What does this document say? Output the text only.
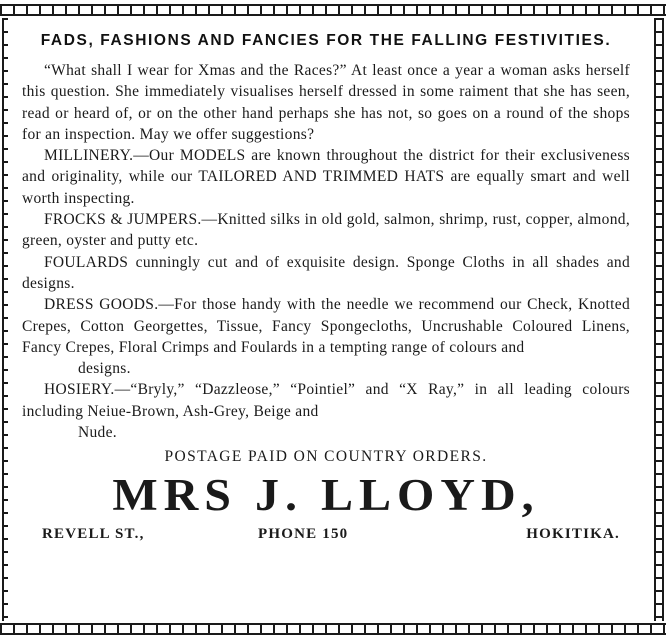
FADS, FASHIONS AND FANCIES FOR THE FALLING FESTIVITIES.

“What shall I wear for Xmas and the Races?” At least once a year a woman asks herself this question. She immediately visualises herself dressed in some raiment that she has seen, read or heard of, or on the other hand perhaps she has not, so goes on a round of the shops for an inspection. May we offer suggestions?

MILLINERY.—Our MODELS are known throughout the district for their exclusiveness and originality, while our TAILORED AND TRIMMED HATS are equally smart and well worth inspecting.

FROCKS & JUMPERS.—Knitted silks in old gold, salmon, shrimp, rust, copper, almond, green, oyster and putty etc.

FOULARDS cunningly cut and of exquisite design. Sponge Cloths in all shades and designs.

DRESS GOODS.—For those handy with the needle we recommend our Check, Knotted Crepes, Cotton Georgettes, Tissue, Fancy Spongecloths, Uncrushable Coloured Linens, Fancy Crepes, Floral Crimps and Foulards in a tempting range of colours and
designs.

HOSIERY.—“Bryly,” “Dazzleose,” “Pointiel” and “X Ray,” in all leading colours including Neiue-Brown, Ash-Grey, Beige and
Nude.

POSTAGE PAID ON COUNTRY ORDERS.
MRS J. LLOYD,
REVELL ST.,	PHONE 150	HOKITIKA.
